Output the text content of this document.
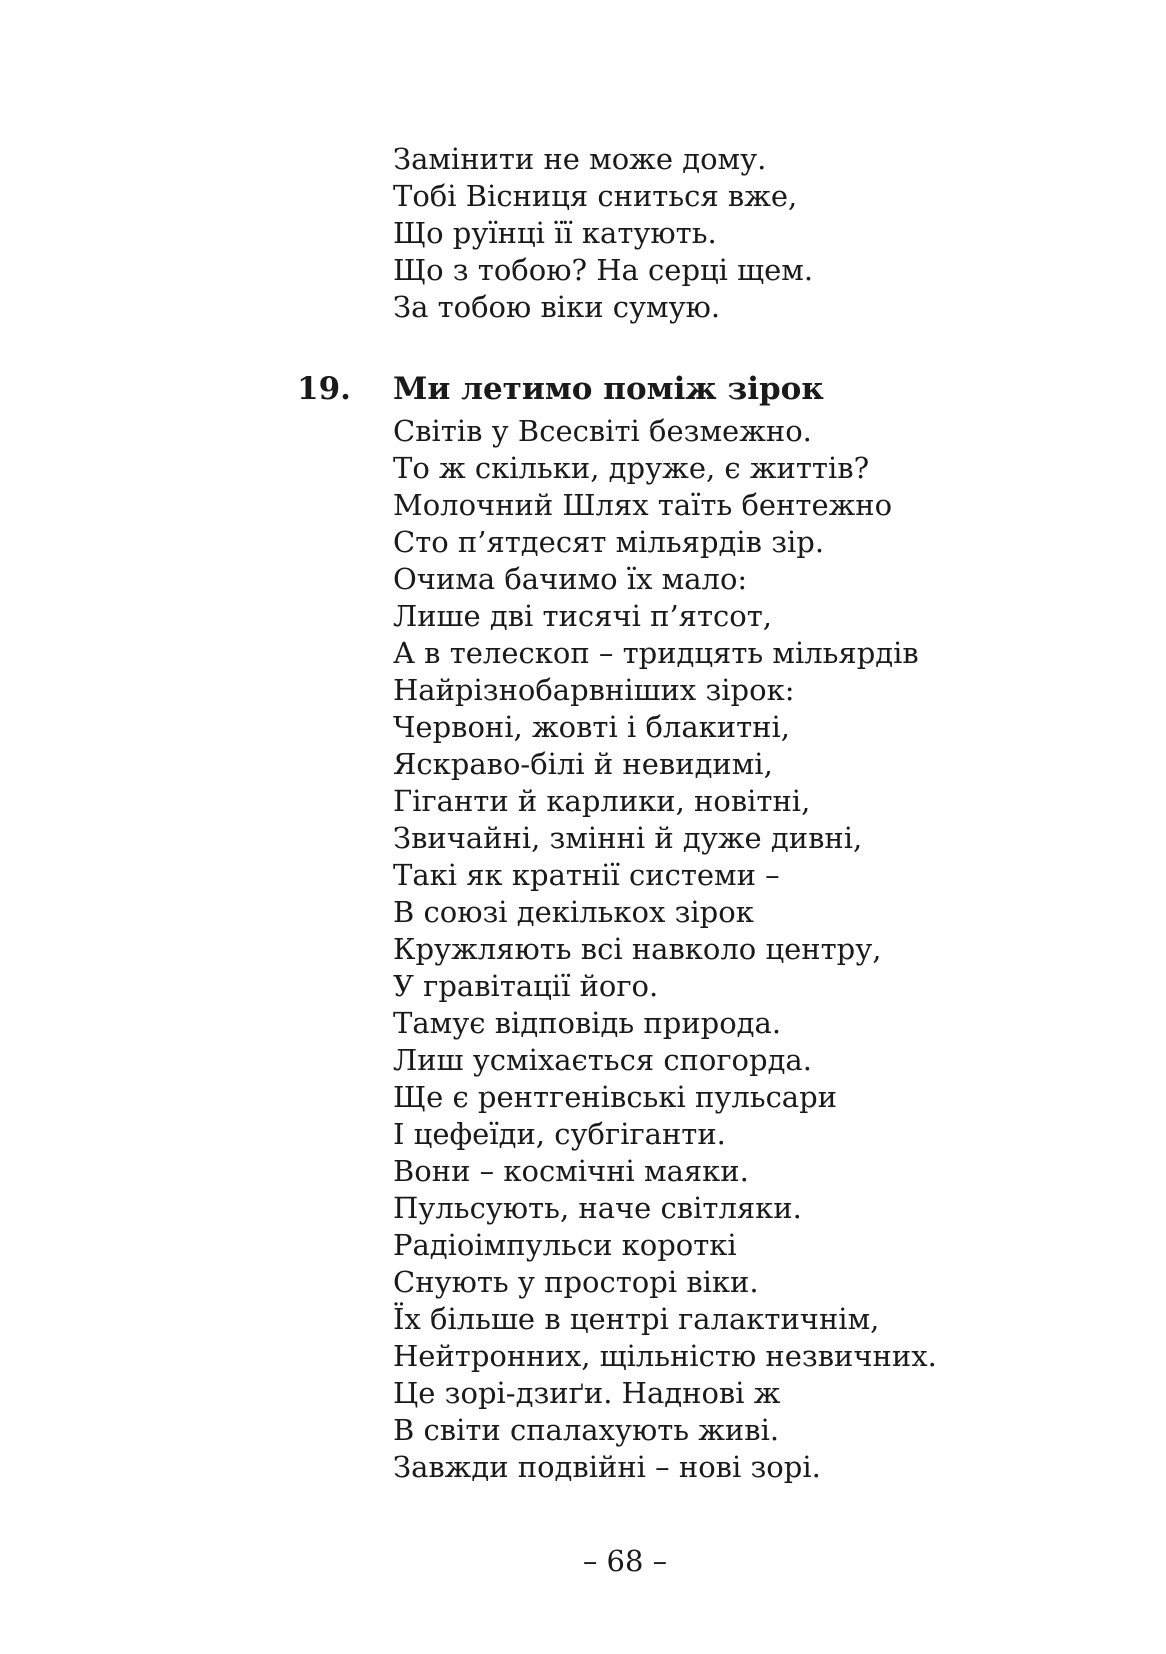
Замінити не може дому.
Тобі Вісниця сниться вже,
Що руїнці її катують.
Що з тобою? На серці щем.
За тобою віки сумую.
19. Ми летимо поміж зірок
Світів у Всесвіті безмежно.
То ж скільки, друже, є життів?
Молочний Шлях таїть бентежно
Сто п’ятдесят мільярдів зір.
Очима бачимо їх мало:
Лише дві тисячі п’ятсот,
А в телескоп – тридцять мільярдів
Найрізнобарвніших зірок:
Червоні, жовті і блакитні,
Яскраво-білі й невидимі,
Гіганти й карлики, новітні,
Звичайні, змінні й дуже дивні,
Такі як кратнії системи –
В союзі декількох зірок
Кружляють всі навколо центру,
У гравітації його.
Тамує відповідь природа.
Лиш усміхається спогорда.
Ще є рентгенівські пульсари
І цефеїди, субгіганти.
Вони – космічні маяки.
Пульсують, наче світляки.
Радіоімпульси короткі
Снують у просторі віки.
Їх більше в центрі галактичнім,
Нейтронних, щільністю незвичних.
Це зорі-дзиґи. Наднові ж
В світи спалахують живі.
Завжди подвійні – нові зорі.
– 68 –
